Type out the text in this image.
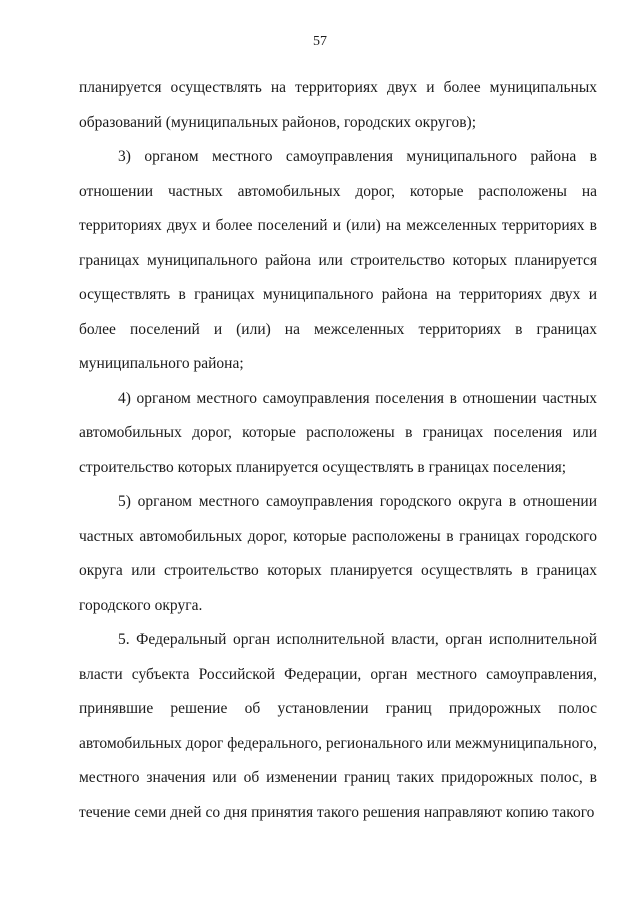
57

планируется осуществлять на территориях двух и более муниципальных образований (муниципальных районов, городских округов);

3) органом местного самоуправления муниципального района в отношении частных автомобильных дорог, которые расположены на территориях двух и более поселений и (или) на межселенных территориях в границах муниципального района или строительство которых планируется осуществлять в границах муниципального района на территориях двух и более поселений и (или) на межселенных территориях в границах муниципального района;

4) органом местного самоуправления поселения в отношении частных автомобильных дорог, которые расположены в границах поселения или строительство которых планируется осуществлять в границах поселения;

5) органом местного самоуправления городского округа в отношении частных автомобильных дорог, которые расположены в границах городского округа или строительство которых планируется осуществлять в границах городского округа.

5. Федеральный орган исполнительной власти, орган исполнительной власти субъекта Российской Федерации, орган местного самоуправления, принявшие решение об установлении границ придорожных полос автомобильных дорог федерального, регионального или межмуниципального, местного значения или об изменении границ таких придорожных полос, в течение семи дней со дня принятия такого решения направляют копию такого
